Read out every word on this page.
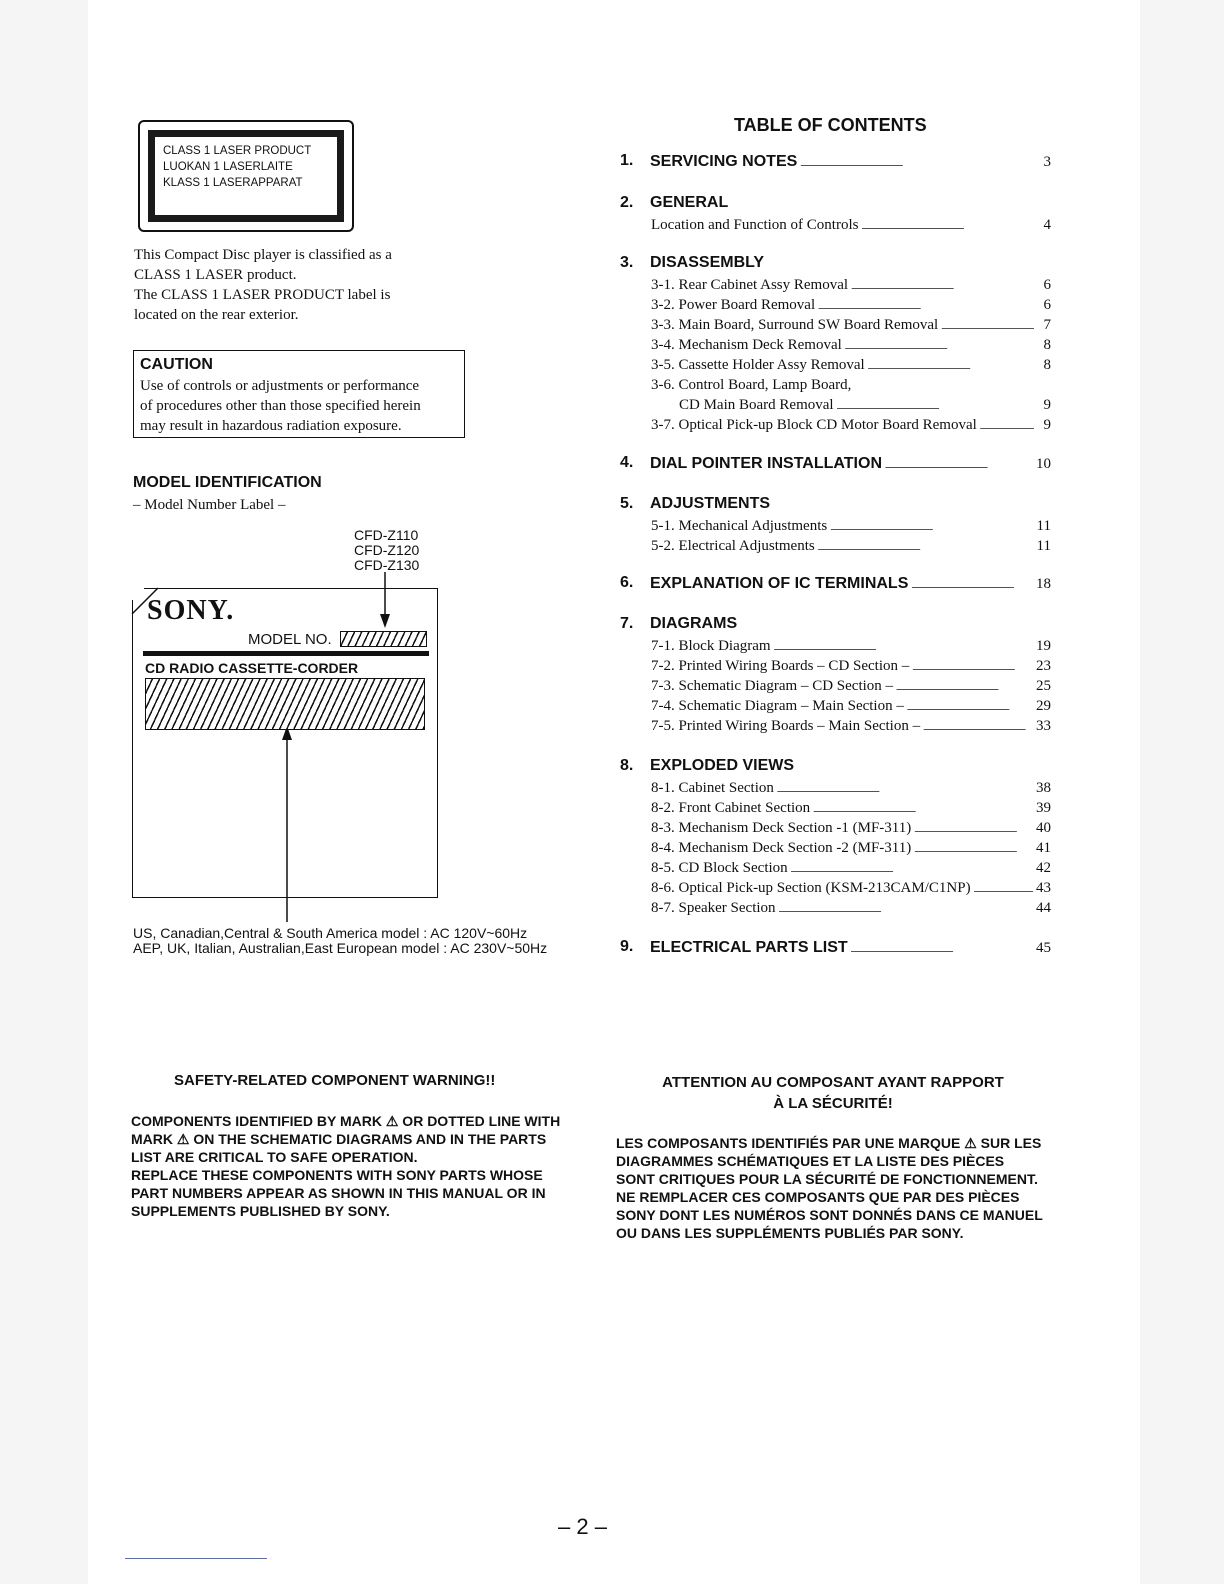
CLASS 1 LASER PRODUCT
LUOKAN 1 LASERLAITE
KLASS 1 LASERAPPARAT
This Compact Disc player is classified as a
CLASS 1 LASER product.
The CLASS 1 LASER PRODUCT label is
located on the rear exterior.
CAUTION
Use of controls or adjustments or performance
of procedures other than those specified herein
may result in hazardous radiation exposure.
MODEL IDENTIFICATION
– Model Number Label –
CFD-Z110
CFD-Z120
CFD-Z130
SONY.
MODEL NO.
CD RADIO CASSETTE-CORDER
US, Canadian,Central & South America model : AC 120V~60Hz
AEP, UK, Italian, Australian,East European model : AC 230V~50Hz
TABLE OF CONTENTS
1. SERVICING NOTES . . .	3
2. GENERAL
Location and Function of Controls . . .	4
3. DISASSEMBLY
3-1. Rear Cabinet Assy Removal . . .	6
3-2. Power Board Removal . . .	6
3-3. Main Board, Surround SW Board Removal . . .	7
3-4. Mechanism Deck Removal . . .	8
3-5. Cassette Holder Assy Removal . . .	8
3-6. Control Board, Lamp Board,
CD Main Board Removal . . .	9
3-7. Optical Pick-up Block CD Motor Board Removal . . .	9
4. DIAL POINTER INSTALLATION . . .	10
5. ADJUSTMENTS
5-1. Mechanical Adjustments . . .	11
5-2. Electrical Adjustments . . .	11
6. EXPLANATION OF IC TERMINALS . . .	18
7. DIAGRAMS
7-1. Block Diagram . . .	19
7-2. Printed Wiring Boards – CD Section – . . .	23
7-3. Schematic Diagram – CD Section – . . .	25
7-4. Schematic Diagram – Main Section – . . .	29
7-5. Printed Wiring Boards – Main Section – . . .	33
8. EXPLODED VIEWS
8-1. Cabinet Section . . .	38
8-2. Front Cabinet Section . . .	39
8-3. Mechanism Deck Section -1 (MF-311) . . .	40
8-4. Mechanism Deck Section -2 (MF-311) . . .	41
8-5. CD Block Section . . .	42
8-6. Optical Pick-up Section (KSM-213CAM/C1NP) . . .	43
8-7. Speaker Section . . .	44
9. ELECTRICAL PARTS LIST . . .	45
SAFETY-RELATED COMPONENT WARNING!!
COMPONENTS IDENTIFIED BY MARK ⚠ OR DOTTED LINE WITH
MARK ⚠ ON THE SCHEMATIC DIAGRAMS AND IN THE PARTS
LIST ARE CRITICAL TO SAFE OPERATION.
REPLACE THESE COMPONENTS WITH SONY PARTS WHOSE
PART NUMBERS APPEAR AS SHOWN IN THIS MANUAL OR IN
SUPPLEMENTS PUBLISHED BY SONY.
ATTENTION AU COMPOSANT AYANT RAPPORT
À LA SÉCURITÉ!
LES COMPOSANTS IDENTIFIÉS PAR UNE MARQUE ⚠ SUR LES
DIAGRAMMES SCHÉMATIQUES ET LA LISTE DES PIÈCES
SONT CRITIQUES POUR LA SÉCURITÉ DE FONCTIONNEMENT.
NE REMPLACER CES COMPOSANTS QUE PAR DES PIÈCES
SONY DONT LES NUMÉROS SONT DONNÉS DANS CE MANUEL
OU DANS LES SUPPLÉMENTS PUBLIÉS PAR SONY.
– 2 –
